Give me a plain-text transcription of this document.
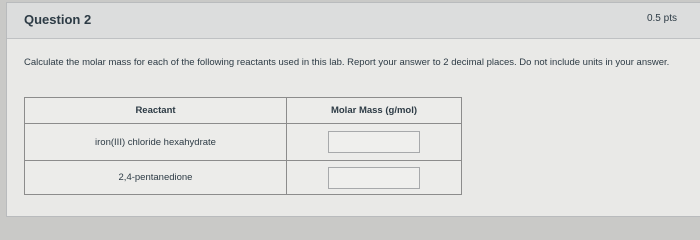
Question 2	0.5 pts
Calculate the molar mass for each of the following reactants used in this lab. Report your answer to 2 decimal places. Do not include units in your answer.
Reactant	Molar Mass (g/mol)
iron(III) chloride hexahydrate
2,4-pentanedione
